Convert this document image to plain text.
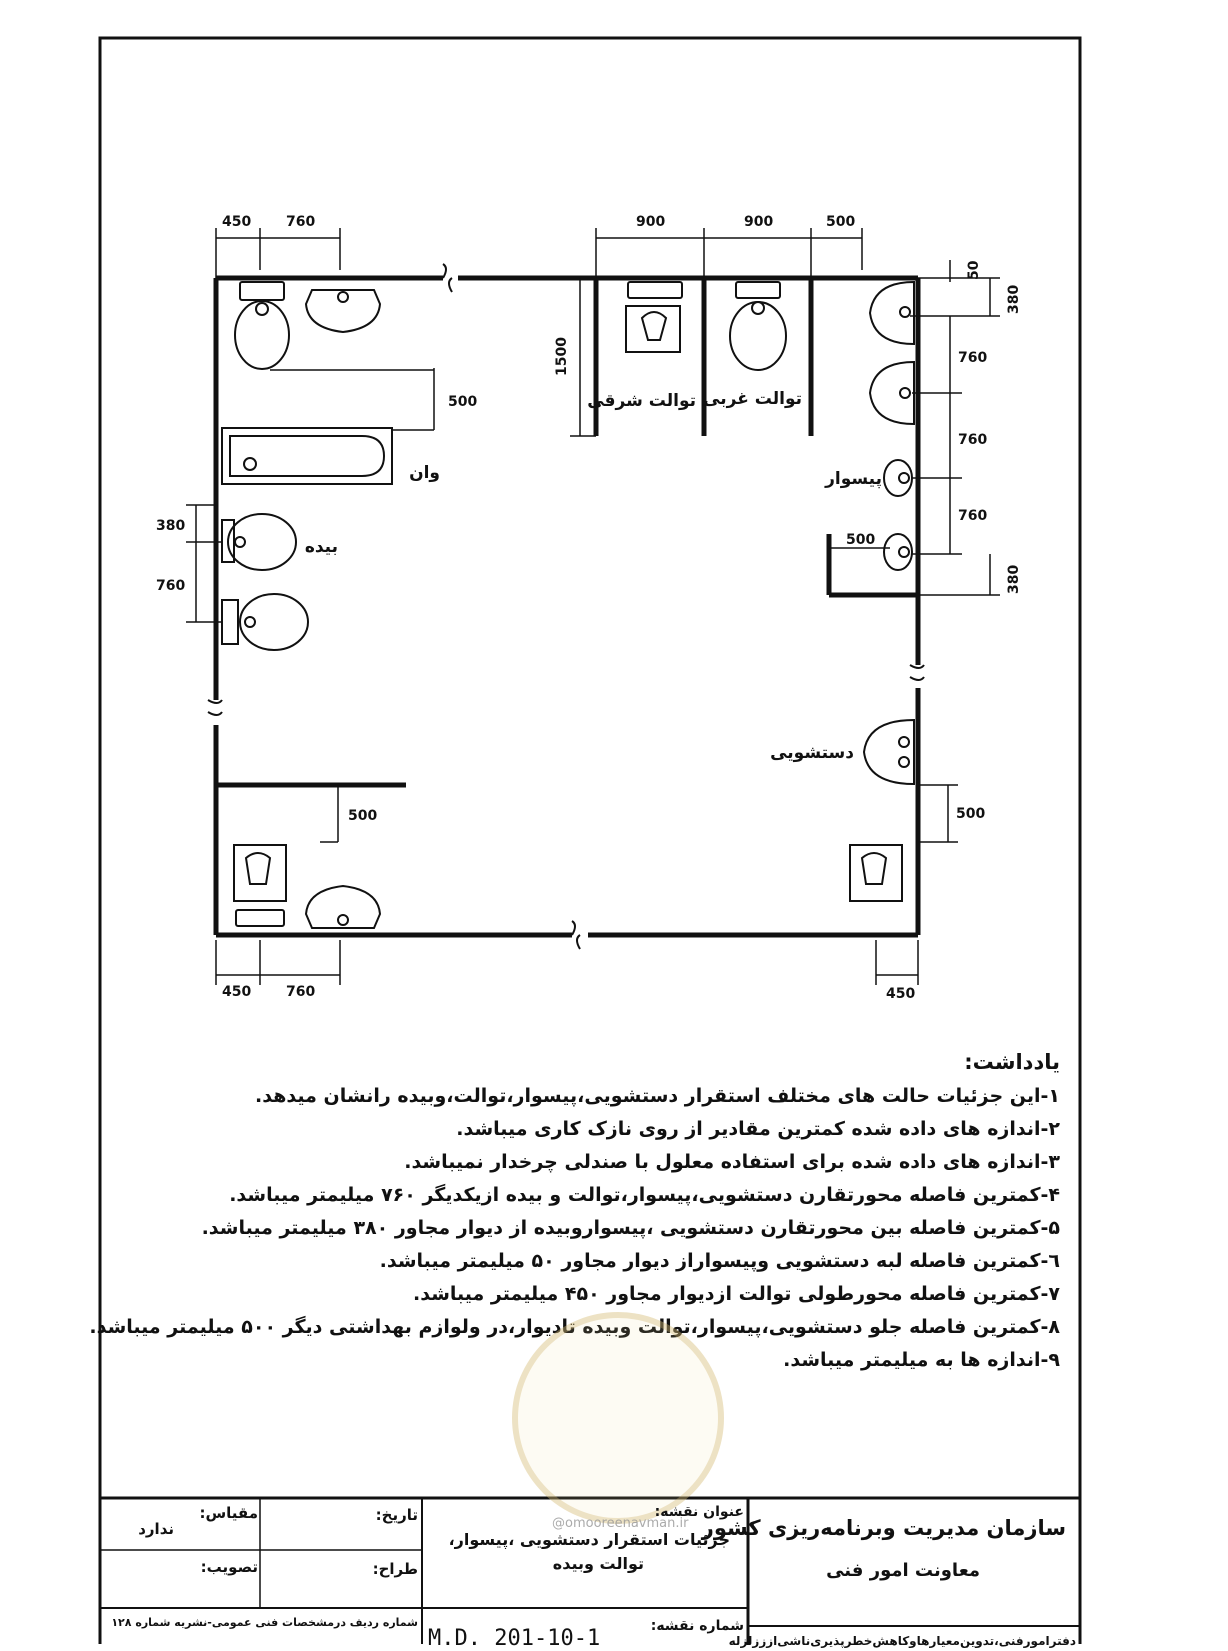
450 760	900	900	500
1500
500
380
760
50
380
760
760
760
380
500
500	500
450 760	450
وان
بیده
توالت شرقی توالت غربی
پیسوار
دستشویی
یادداشت:
۱-این جزئیات حالت های مختلف استقرار دستشویی،پیسوار،توالت،وبیده رانشان میدهد.
۲-اندازه های داده شده کمترین مقادیر از روی نازک کاری میباشد.
۳-اندازه های داده شده برای استفاده معلول با صندلی چرخدار نمیباشد.
۴-کمترین فاصله محورتقارن دستشویی،پیسوار،توالت و بیده ازیکدیگر ۷۶۰ میلیمتر میباشد.
۵-کمترین فاصله بین محورتقارن دستشویی ،پیسواروبیده از دیوار مجاور ۳۸۰ میلیمتر میباشد.
٦-کمترین فاصله لبه دستشویی وپیسواراز دیوار مجاور ۵۰ میلیمتر میباشد.
۷-کمترین فاصله محورطولی توالت ازدیوار مجاور ۴۵۰ میلیمتر میباشد.
۸-کمترین فاصله جلو دستشویی،پیسوار،توالت وبیده تادیوار،در ولوازم بهداشتی دیگر ۵۰۰ میلیمتر میباشد.
۹-اندازه ها به میلیمتر میباشد.
@omooreenavman.ir سازمان مدیریت وبرنامه‌ریزی کشور
معاونت امور فنی
دفترامورفنی،تدوین‌معیارهاوکاهش‌خطرپذیری‌ناشی‌ازززلزله
عنوان نقشه:
جزئیات استقرار دستشویی ،پیسوار،
توالت وبیده
شماره نقشه:
M.D. 201-10-1
تاریخ:
طراح:
مقیاس:
ندارد
تصویب:
شماره ردیف درمشخصات فنی عمومی-نشریه شماره ۱۲۸
